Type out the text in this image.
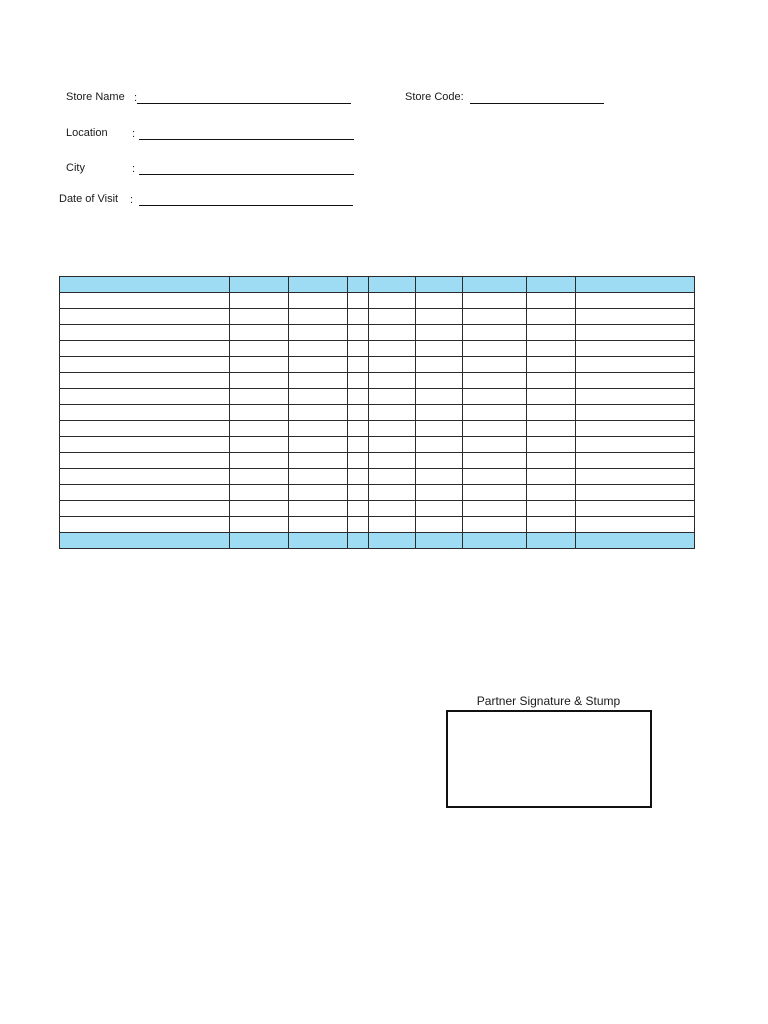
Store Name :	Store Code:
Location :
City	:
Date of Visit :

Partner Signature & Stump
